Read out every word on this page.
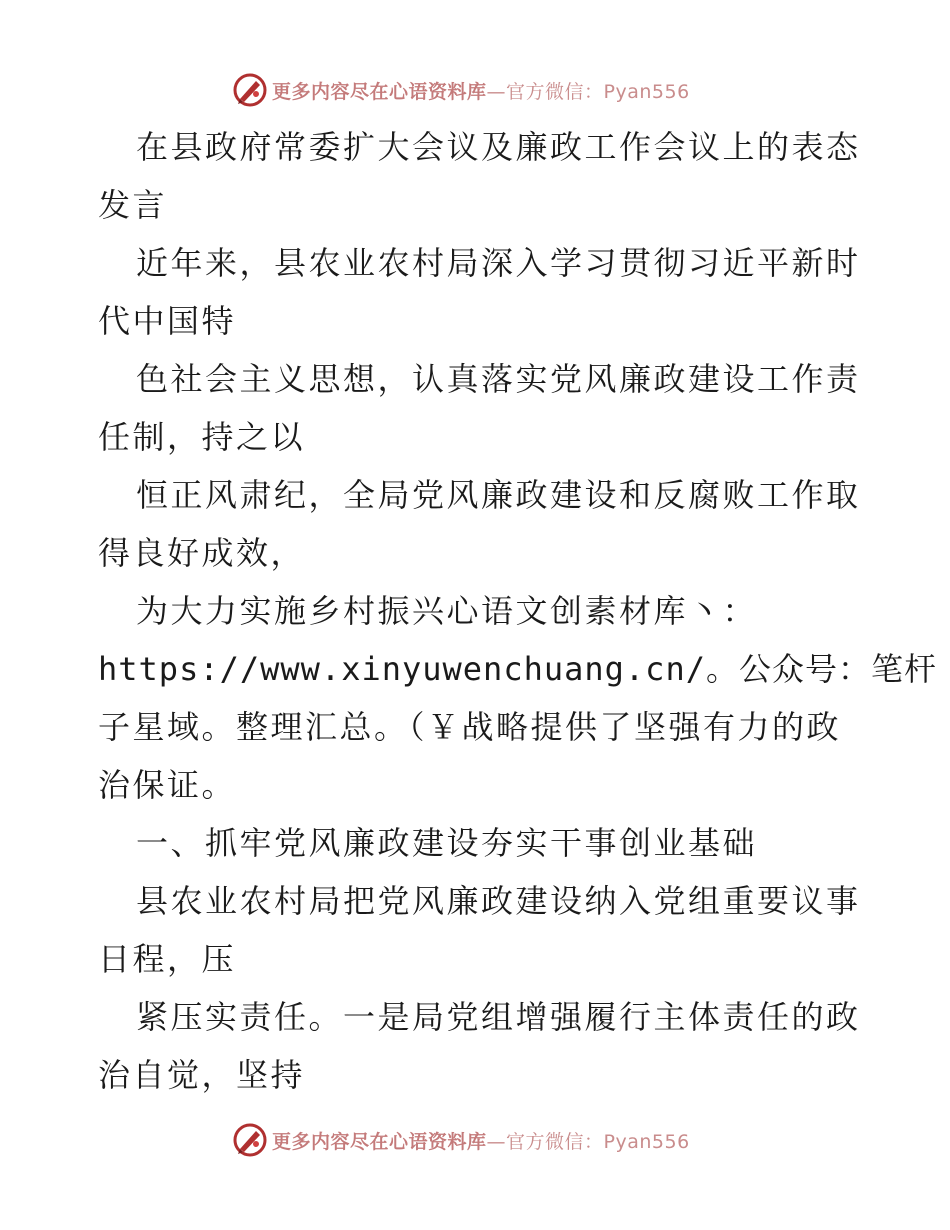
更多内容尽在心语资料库—官方微信：Pyan556
在县政府常委扩大会议及廉政工作会议上的表态
发言
近年来，县农业农村局深入学习贯彻习近平新时
代中国特
色社会主义思想，认真落实党风廉政建设工作责
任制，持之以
恒正风肃纪，全局党风廉政建设和反腐败工作取
得良好成效，
为大力实施乡村振兴心语文创素材库丶：
https://www.xinyuwenchuang.cn/。公众号：笔杆
子星域。整理汇总。（￥战略提供了坚强有力的政
治保证。
一、抓牢党风廉政建设夯实干事创业基础
县农业农村局把党风廉政建设纳入党组重要议事
日程，压
紧压实责任。一是局党组增强履行主体责任的政
治自觉，坚持
更多内容尽在心语资料库—官方微信：Pyan556
